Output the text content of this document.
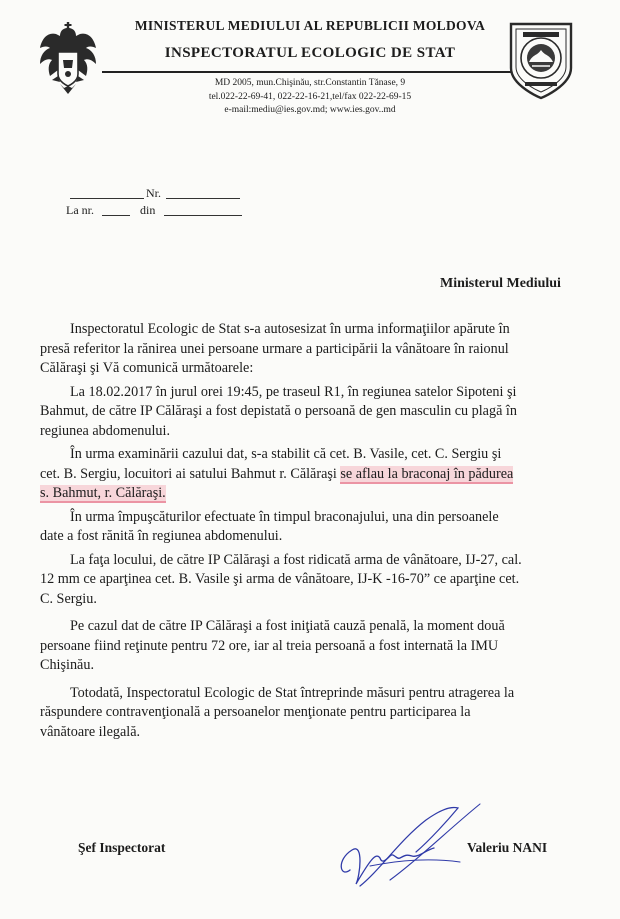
MINISTERUL MEDIULUI AL REPUBLICII MOLDOVA
INSPECTORATUL ECOLOGIC DE STAT
MD 2005, mun.Chişinău, str.Constantin Tănase, 9
tel.022-22-69-41, 022-22-16-21,tel/fax 022-22-69-15
e-mail:mediu@ies.gov.md; www.ies.gov..md
Nr.
La nr.	din
Ministerul Mediului

Inspectoratul Ecologic de Stat s-a autosesizat în urma informaţiilor apărute în
presă referitor la rănirea unei persoane urmare a participării la vânătoare în raionul
Călăraşi şi Vă comunică următoarele:

La 18.02.2017 în jurul orei 19:45, pe traseul R1, în regiunea satelor Sipoteni şi
Bahmut, de către IP Călăraşi a fost depistată o persoană de gen masculin cu plagă în
regiunea abdomenului.

În urma examinării cazului dat, s-a stabilit că cet. B. Vasile, cet. C. Sergiu şi
cet. B. Sergiu, locuitori ai satului Bahmut r. Călăraşi se aflau la braconaj în pădurea
s. Bahmut, r. Călăraşi.

În urma împuşcăturilor efectuate în timpul braconajului, una din persoanele
date a fost rănită în regiunea abdomenului.

La faţa locului, de către IP Călăraşi a fost ridicată arma de vânătoare, IJ-27, cal.
12 mm ce aparţinea cet. B. Vasile şi arma de vânătoare, IJ-K -16-70” ce aparţine cet.
C. Sergiu.

Pe cazul dat de către IP Călăraşi a fost iniţiată cauză penală, la moment două
persoane fiind reţinute pentru 72 ore, iar al treia persoană a fost internată la IMU
Chişinău.

Totodată, Inspectoratul Ecologic de Stat întreprinde măsuri pentru atragerea la
răspundere contravenţională a persoanelor menţionate pentru participarea la
vânătoare ilegală.

Şef Inspectorat	Valeriu NANI
